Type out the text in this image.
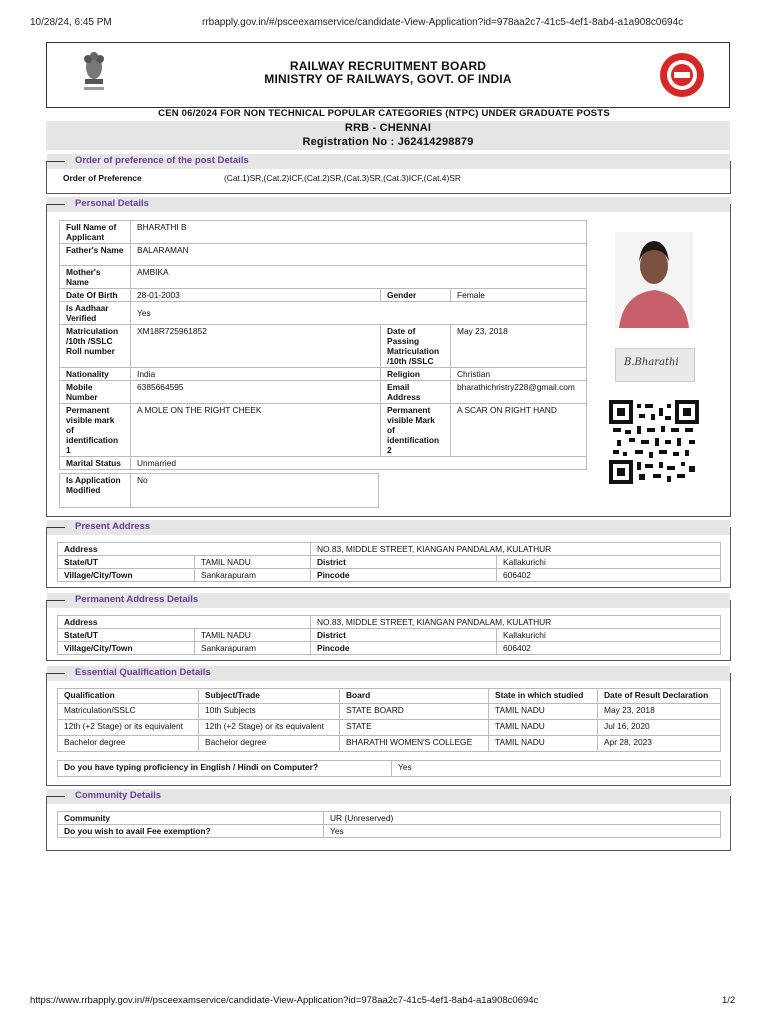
10/28/24, 6:45 PM	rrbapply.gov.in/#/psceexamservice/candidate-View-Application?id=978aa2c7-41c5-4ef1-8ab4-a1a908c0694c
https://www.rrbapply.gov.in/#/psceexamservice/candidate-View-Application?id=978aa2c7-41c5-4ef1-8ab4-a1a908c0694c	1/2
RAILWAY RECRUITMENT BOARD
MINISTRY OF RAILWAYS, GOVT. OF INDIA
CEN 06/2024 FOR NON TECHNICAL POPULAR CATEGORIES (NTPC) UNDER GRADUATE POSTS
RRB - CHENNAI
Registration No : J62414298879
Order of preference of the post Details
Order of Preference	(Cat.1)SR,(Cat.2)ICF,(Cat.2)SR,(Cat.3)SR,(Cat.3)ICF,(Cat.4)SR
Personal Details
Full Name of Applicant	BHARATHI B		
Father's Name	BALARAMAN		
Mother's Name	AMBIKA		
Date Of Birth	28-01-2003	Gender	Female
Is Aadhaar Verified	Yes		
Matriculation /10th /SSLC Roll number	XM18R725961852	Date of Passing Matriculation /10th /SSLC	May 23, 2018
Nationality	India	Religion	Christian
Mobile Number	6385664595	Email Address	bharathichristry228@gmail.com
Permanent visible mark of identification 1	A MOLE ON THE RIGHT CHEEK	Permanent visible Mark of identification 2	A SCAR ON RIGHT HAND
Marital Status	Unmarried		
Is Application Modified	No
B.Bharathi
Present Address
Address		NO.83, MIDDLE STREET, KIANGAN PANDALAM, KULATHUR	
State/UT	TAMIL NADU	District	Kallakurichi
Village/City/Town	Sankarapuram	Pincode	606402
Permanent Address Details
Address		NO.83, MIDDLE STREET, KIANGAN PANDALAM, KULATHUR	
State/UT	TAMIL NADU	District	Kallakurichi
Village/City/Town	Sankarapuram	Pincode	606402
Essential Qualification Details
Qualification	Subject/Trade	Board	State in which studied	Date of Result Declaration
Matriculation/SSLC	10th Subjects	STATE BOARD	TAMIL NADU	May 23, 2018
12th (+2 Stage) or its equivalent	12th (+2 Stage) or its equivalent	STATE	TAMIL NADU	Jul 16, 2020
Bachelor degree	Bachelor degree	BHARATHI WOMEN'S COLLEGE	TAMIL NADU	Apr 28, 2023
Do you have typing proficiency in English / Hindi on Computer?	Yes
Community Details
Community	UR (Unreserved)
Do you wish to avail Fee exemption?	Yes
